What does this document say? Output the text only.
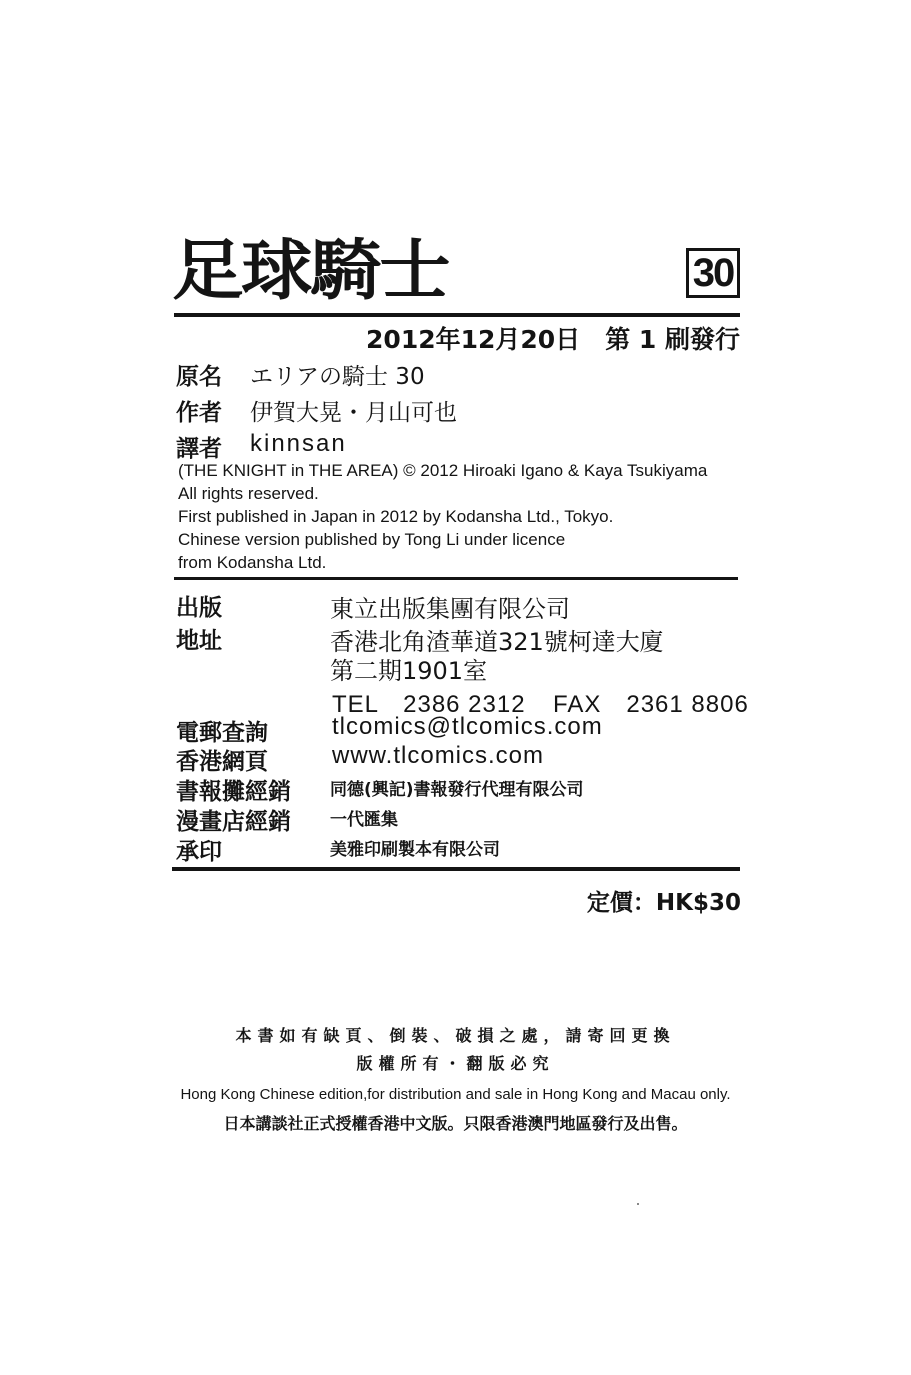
足球騎士	30
2012年12月20日　第 1 刷發行
原名 エリアの騎士 30
作者 伊賀大晃・月山可也
譯者 kinnsan
(THE KNIGHT in THE AREA) © 2012 Hiroaki Igano & Kaya Tsukiyama
All rights reserved.
First published in Japan in 2012 by Kodansha Ltd., Tokyo.
Chinese version published by Tong Li under licence
from Kodansha Ltd.
出版	東立出版集團有限公司
地址	香港北角渣華道321號柯達大廈
第二期1901室
TEL　2386 2312 FAX　2361 8806
電郵查詢	tlcomics@tlcomics.com
香港網頁	www.tlcomics.com
書報攤經銷 同德(興記)書報發行代理有限公司
漫畫店經銷 一代匯集
承印	美雅印刷製本有限公司
定價：HK$30
本書如有缺頁、倒裝、破損之處，請寄回更換
版權所有・翻版必究
Hong Kong Chinese edition,for distribution and sale in Hong Kong and Macau only.
日本講談社正式授權香港中文版。只限香港澳門地區發行及出售。
